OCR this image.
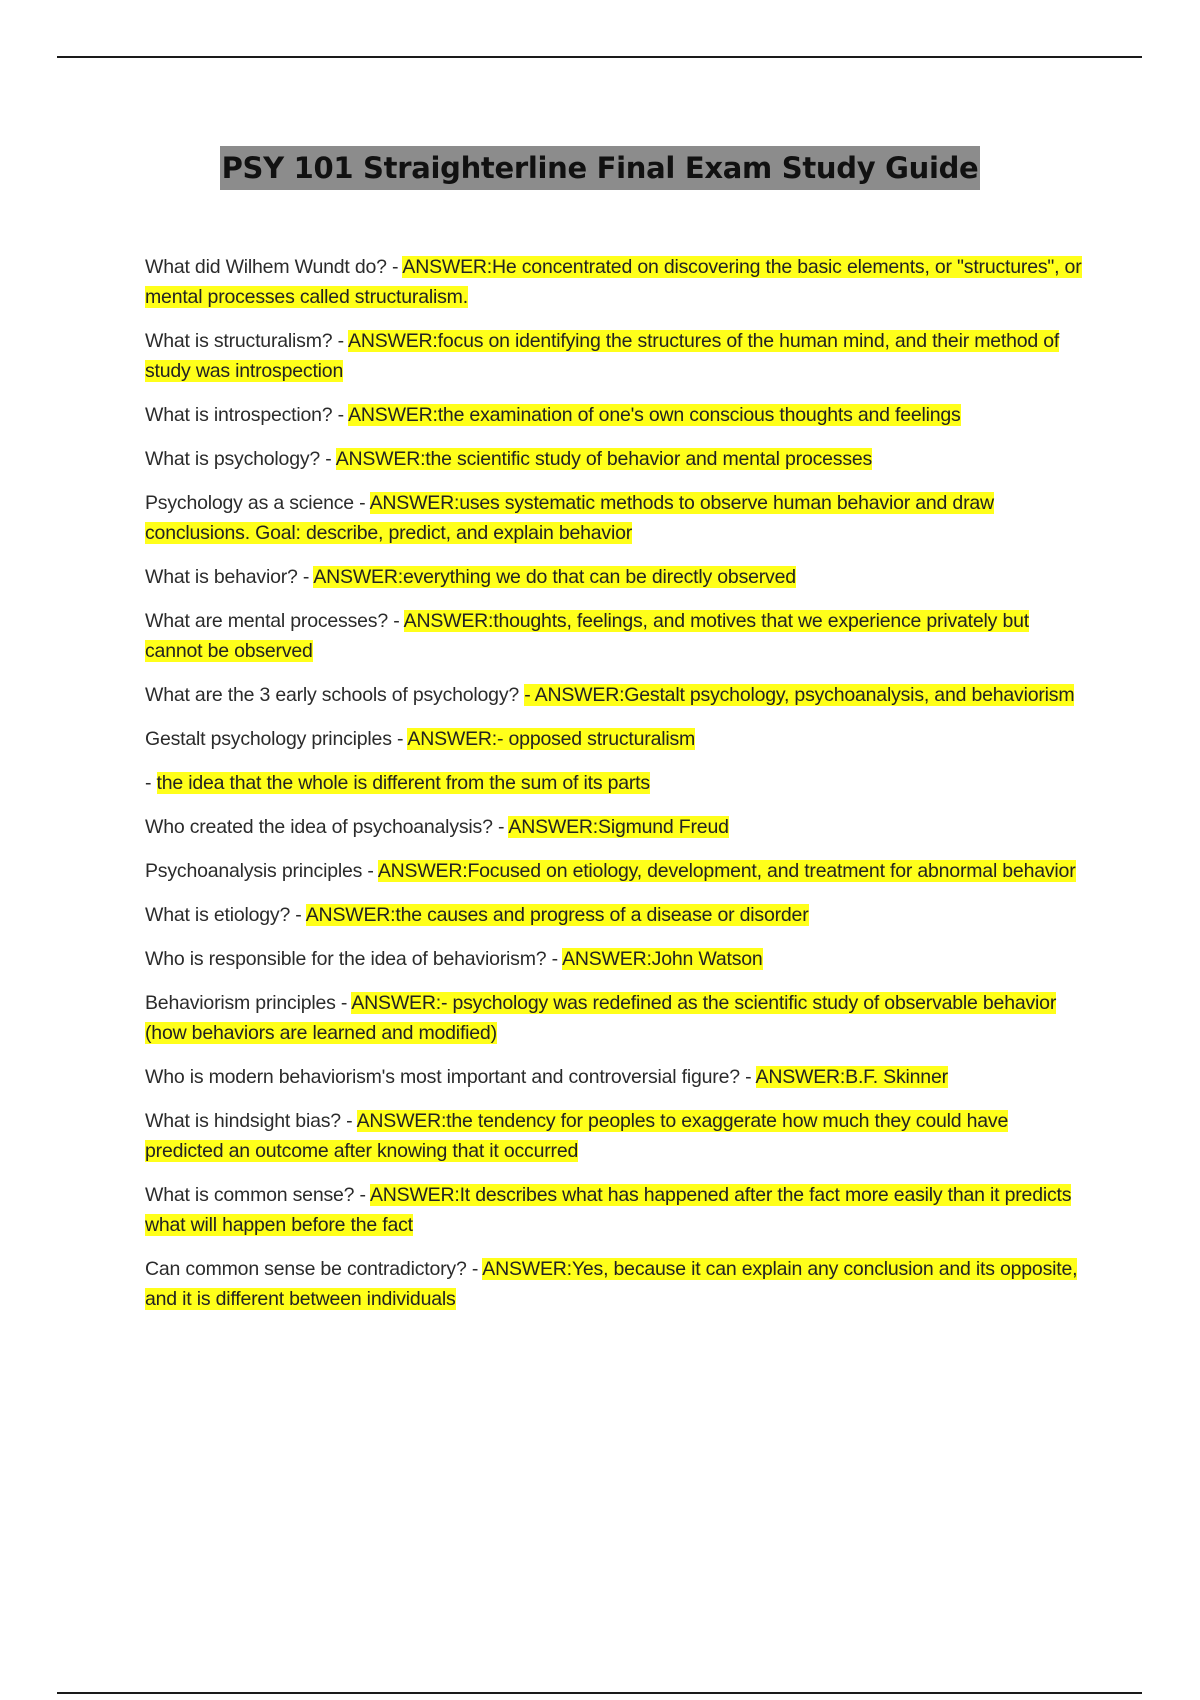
PSY 101 Straighterline Final Exam Study Guide

What did Wilhem Wundt do? - ANSWER:He concentrated on discovering the basic elements, or "structures", or mental processes called structuralism.

What is structuralism? - ANSWER:focus on identifying the structures of the human mind, and their method of study was introspection

What is introspection? - ANSWER:the examination of one's own conscious thoughts and feelings

What is psychology? - ANSWER:the scientific study of behavior and mental processes

Psychology as a science - ANSWER:uses systematic methods to observe human behavior and draw conclusions. Goal: describe, predict, and explain behavior

What is behavior? - ANSWER:everything we do that can be directly observed

What are mental processes? - ANSWER:thoughts, feelings, and motives that we experience privately but cannot be observed

What are the 3 early schools of psychology? - ANSWER:Gestalt psychology, psychoanalysis, and behaviorism

Gestalt psychology principles - ANSWER:- opposed structuralism

- the idea that the whole is different from the sum of its parts

Who created the idea of psychoanalysis? - ANSWER:Sigmund Freud

Psychoanalysis principles - ANSWER:Focused on etiology, development, and treatment for abnormal behavior

What is etiology? - ANSWER:the causes and progress of a disease or disorder

Who is responsible for the idea of behaviorism? - ANSWER:John Watson

Behaviorism principles - ANSWER:- psychology was redefined as the scientific study of observable behavior (how behaviors are learned and modified)

Who is modern behaviorism's most important and controversial figure? - ANSWER:B.F. Skinner

What is hindsight bias? - ANSWER:the tendency for peoples to exaggerate how much they could have predicted an outcome after knowing that it occurred

What is common sense? - ANSWER:It describes what has happened after the fact more easily than it predicts what will happen before the fact

Can common sense be contradictory? - ANSWER:Yes, because it can explain any conclusion and its opposite, and it is different between individuals
